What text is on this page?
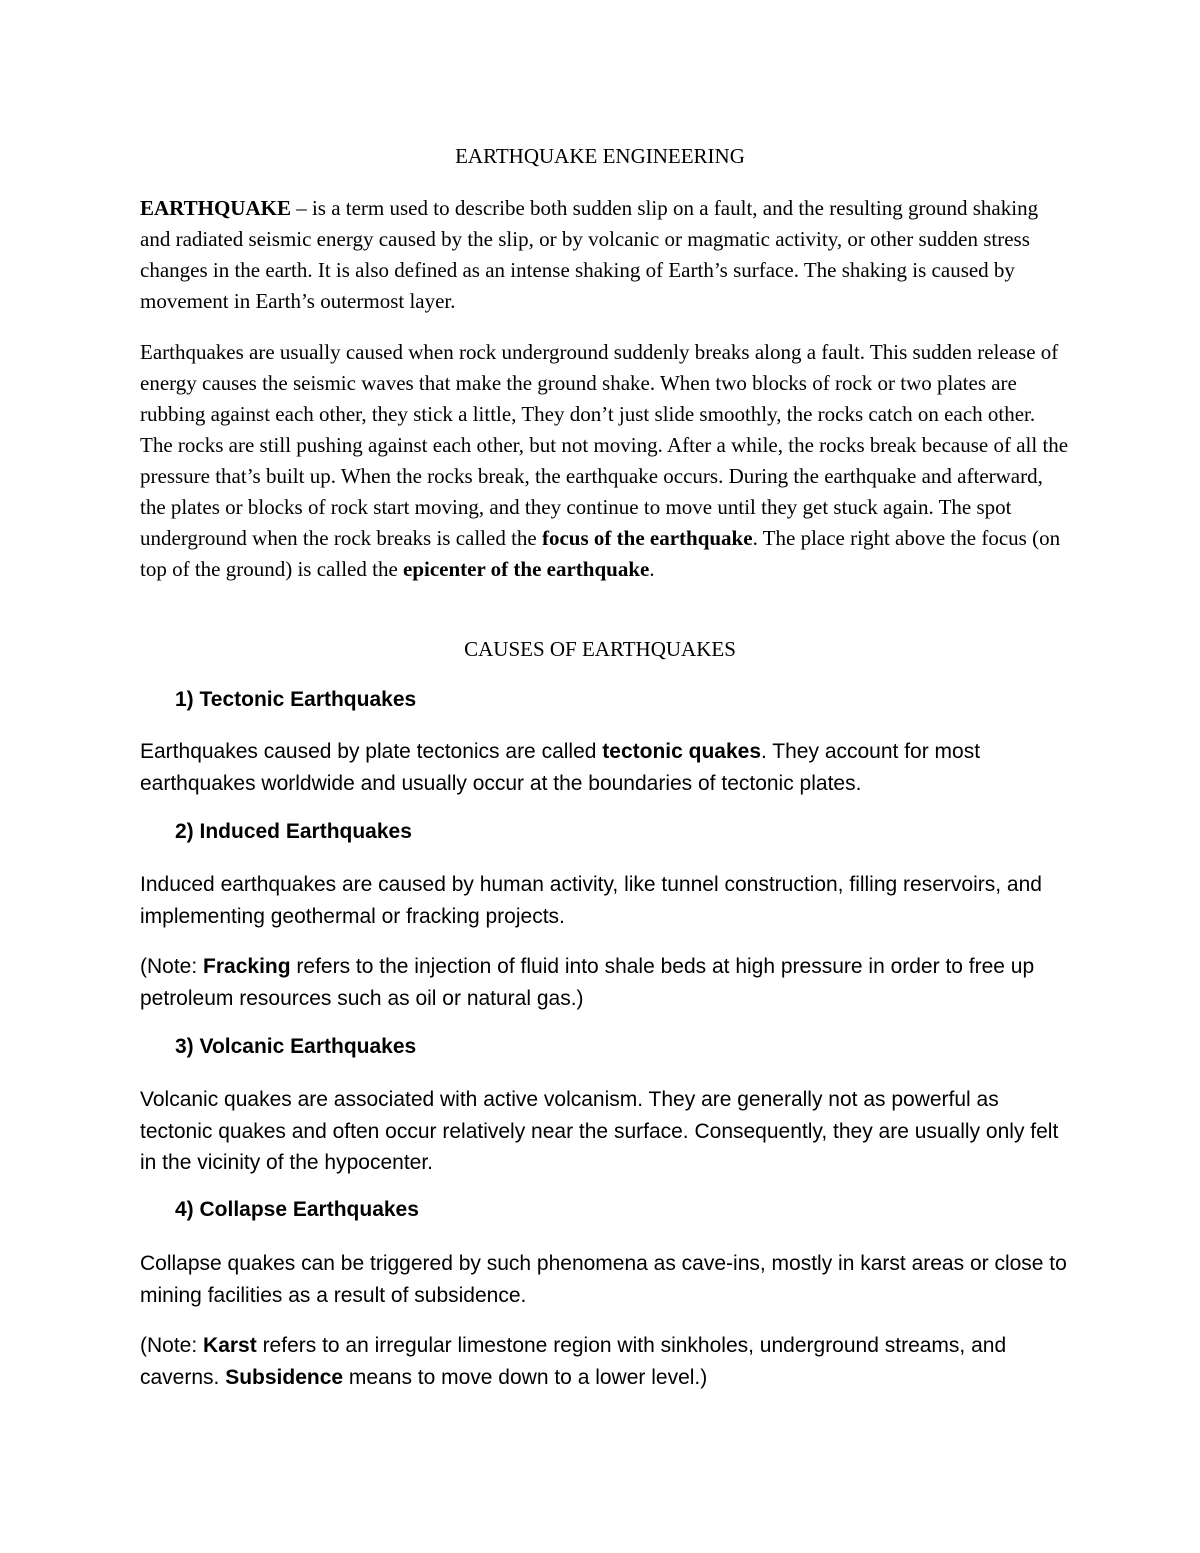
EARTHQUAKE ENGINEERING

EARTHQUAKE – is a term used to describe both sudden slip on a fault, and the resulting ground shaking and radiated seismic energy caused by the slip, or by volcanic or magmatic activity, or other sudden stress changes in the earth. It is also defined as an intense shaking of Earth’s surface. The shaking is caused by movement in Earth’s outermost layer.

Earthquakes are usually caused when rock underground suddenly breaks along a fault. This sudden release of energy causes the seismic waves that make the ground shake. When two blocks of rock or two plates are rubbing against each other, they stick a little, They don’t just slide smoothly, the rocks catch on each other. The rocks are still pushing against each other, but not moving. After a while, the rocks break because of all the pressure that’s built up. When the rocks break, the earthquake occurs. During the earthquake and afterward, the plates or blocks of rock start moving, and they continue to move until they get stuck again. The spot underground when the rock breaks is called the focus of the earthquake. The place right above the focus (on top of the ground) is called the epicenter of the earthquake.

CAUSES OF EARTHQUAKES

1) Tectonic Earthquakes

Earthquakes caused by plate tectonics are called tectonic quakes. They account for most earthquakes worldwide and usually occur at the boundaries of tectonic plates.

2) Induced Earthquakes

Induced earthquakes are caused by human activity, like tunnel construction, filling reservoirs, and implementing geothermal or fracking projects.

(Note: Fracking refers to the injection of fluid into shale beds at high pressure in order to free up petroleum resources such as oil or natural gas.)

3) Volcanic Earthquakes

Volcanic quakes are associated with active volcanism. They are generally not as powerful as tectonic quakes and often occur relatively near the surface. Consequently, they are usually only felt in the vicinity of the hypocenter.

4) Collapse Earthquakes

Collapse quakes can be triggered by such phenomena as cave-ins, mostly in karst areas or close to mining facilities as a result of subsidence.

(Note: Karst refers to an irregular limestone region with sinkholes, underground streams, and caverns. Subsidence means to move down to a lower level.)
